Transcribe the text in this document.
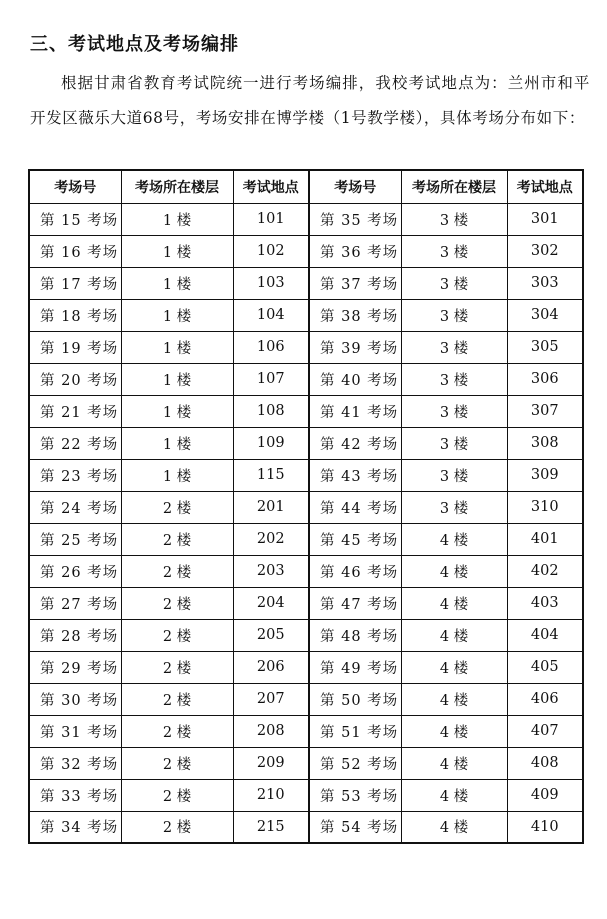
三、考试地点及考场编排
根据甘肃省教育考试院统一进行考场编排，我校考试地点为：兰州市和平开发区薇乐大道68号，考场安排在博学楼（1号教学楼），具体考场分布如下：
考场号	考场所在楼层	考试地点	考场号	考场所在楼层	考试地点
第 15 考场	1 楼	101	第 35 考场	3 楼	301
第 16 考场	1 楼	102	第 36 考场	3 楼	302
第 17 考场	1 楼	103	第 37 考场	3 楼	303
第 18 考场	1 楼	104	第 38 考场	3 楼	304
第 19 考场	1 楼	106	第 39 考场	3 楼	305
第 20 考场	1 楼	107	第 40 考场	3 楼	306
第 21 考场	1 楼	108	第 41 考场	3 楼	307
第 22 考场	1 楼	109	第 42 考场	3 楼	308
第 23 考场	1 楼	115	第 43 考场	3 楼	309
第 24 考场	2 楼	201	第 44 考场	3 楼	310
第 25 考场	2 楼	202	第 45 考场	4 楼	401
第 26 考场	2 楼	203	第 46 考场	4 楼	402
第 27 考场	2 楼	204	第 47 考场	4 楼	403
第 28 考场	2 楼	205	第 48 考场	4 楼	404
第 29 考场	2 楼	206	第 49 考场	4 楼	405
第 30 考场	2 楼	207	第 50 考场	4 楼	406
第 31 考场	2 楼	208	第 51 考场	4 楼	407
第 32 考场	2 楼	209	第 52 考场	4 楼	408
第 33 考场	2 楼	210	第 53 考场	4 楼	409
第 34 考场	2 楼	215	第 54 考场	4 楼	410
